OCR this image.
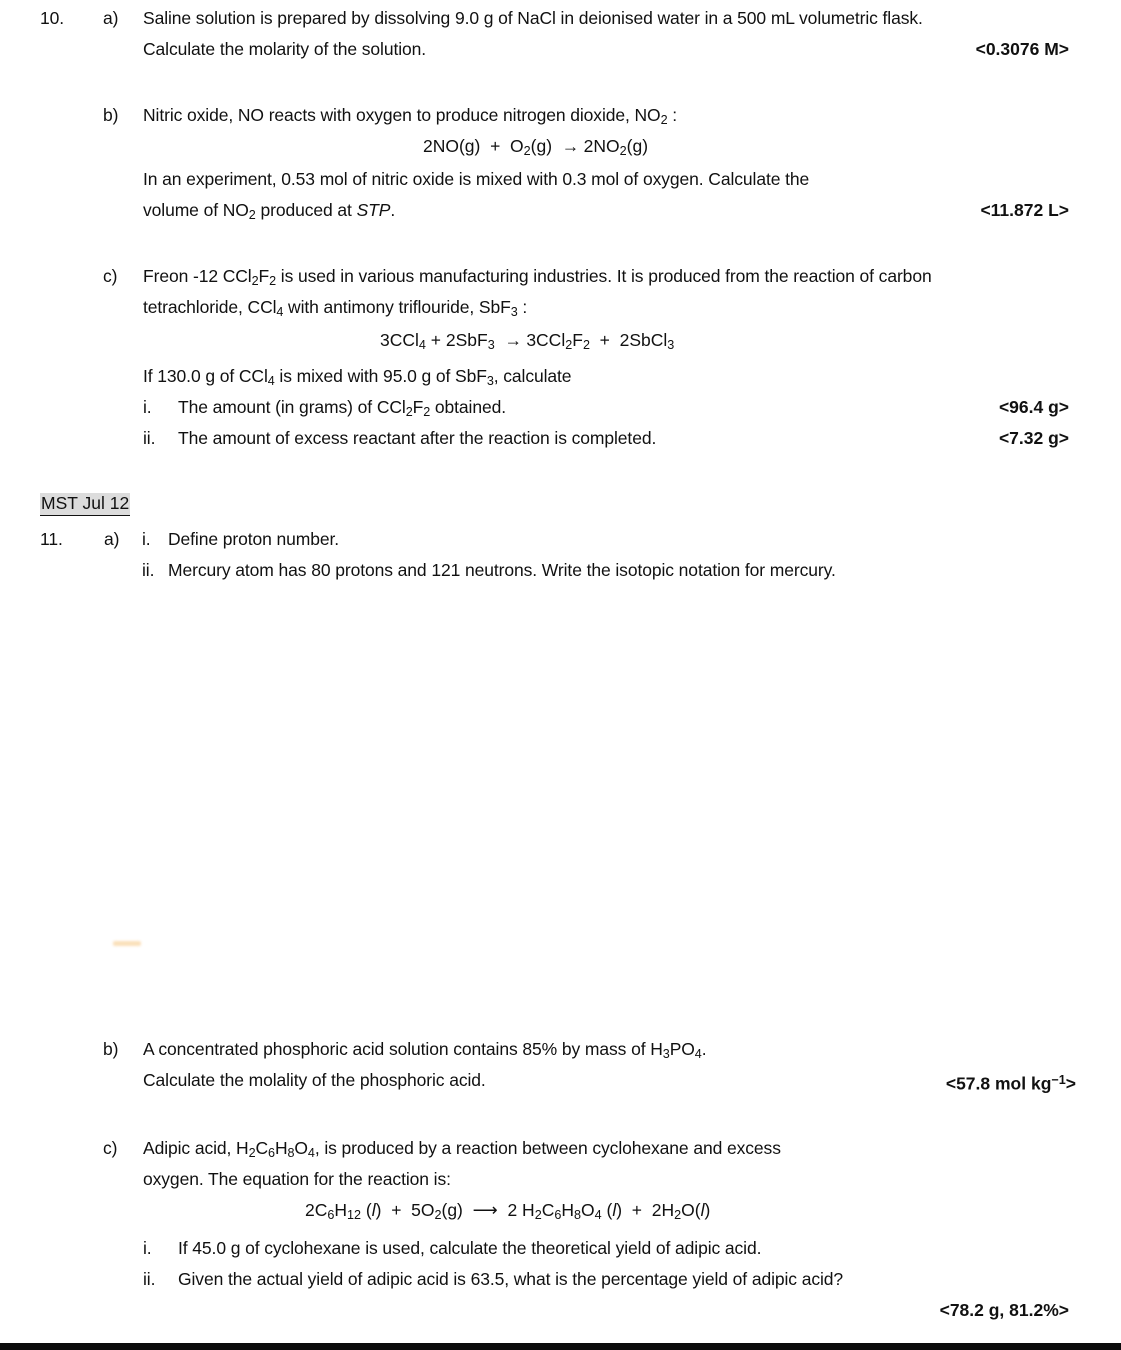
10. a) Saline solution is prepared by dissolving 9.0 g of NaCl in deionised water in a 500 mL volumetric flask.
Calculate the molarity of the solution.	<0.3076 M>
b) Nitric oxide, NO reacts with oxygen to produce nitrogen dioxide, $NO_2$ :
$2NO(g) + O_2(g) \to 2NO_2(g)$
In an experiment, 0.53 mol of nitric oxide is mixed with 0.3 mol of oxygen. Calculate the
volume of $NO_2$ produced at STP.	<11.872 L>
c) Freon -12 $CCl_2F_2$ is used in various manufacturing industries. It is produced from the reaction of carbon
tetrachloride, CCl$_4$ with antimony triflouride, SbF$_3$ :
$3CCl_4 + 2SbF_3 \to 3CCl_2F_2$  +  2SbCl$_3$
If 130.0 g of CCl$_4$ is mixed with 95.0 g of SbF$_3$, calculate
i. The amount (in grams) of $CCl_2F_2$ obtained.	<96.4 g>
ii. The amount of excess reactant after the reaction is completed.	<7.32 g>
MST Jul 12
11. a) i. Define proton number.
ii. Mercury atom has 80 protons and 121 neutrons. Write the isotopic notation for mercury.
b) A concentrated phosphoric acid solution contains 85% by mass of $H_3PO_4$.
Calculate the molality of the phosphoric acid.	<57.8 mol $kg^{-1}>$
c) Adipic acid, $H_2C_6H_8O_4$, is produced by a reaction between cyclohexane and excess
oxygen. The equation for the reaction is:
$2C_6H_{12}$ $(l) + 5O_2(g)$  ⟶  2 $H_2C_6H_8O_4$ $(l) + 2H_2O(l)$
i. If 45.0 g of cyclohexane is used, calculate the theoretical yield of adipic acid.
ii. Given the actual yield of adipic acid is 63.5, what is the percentage yield of adipic acid?
<78.2 g, 81.2%>
